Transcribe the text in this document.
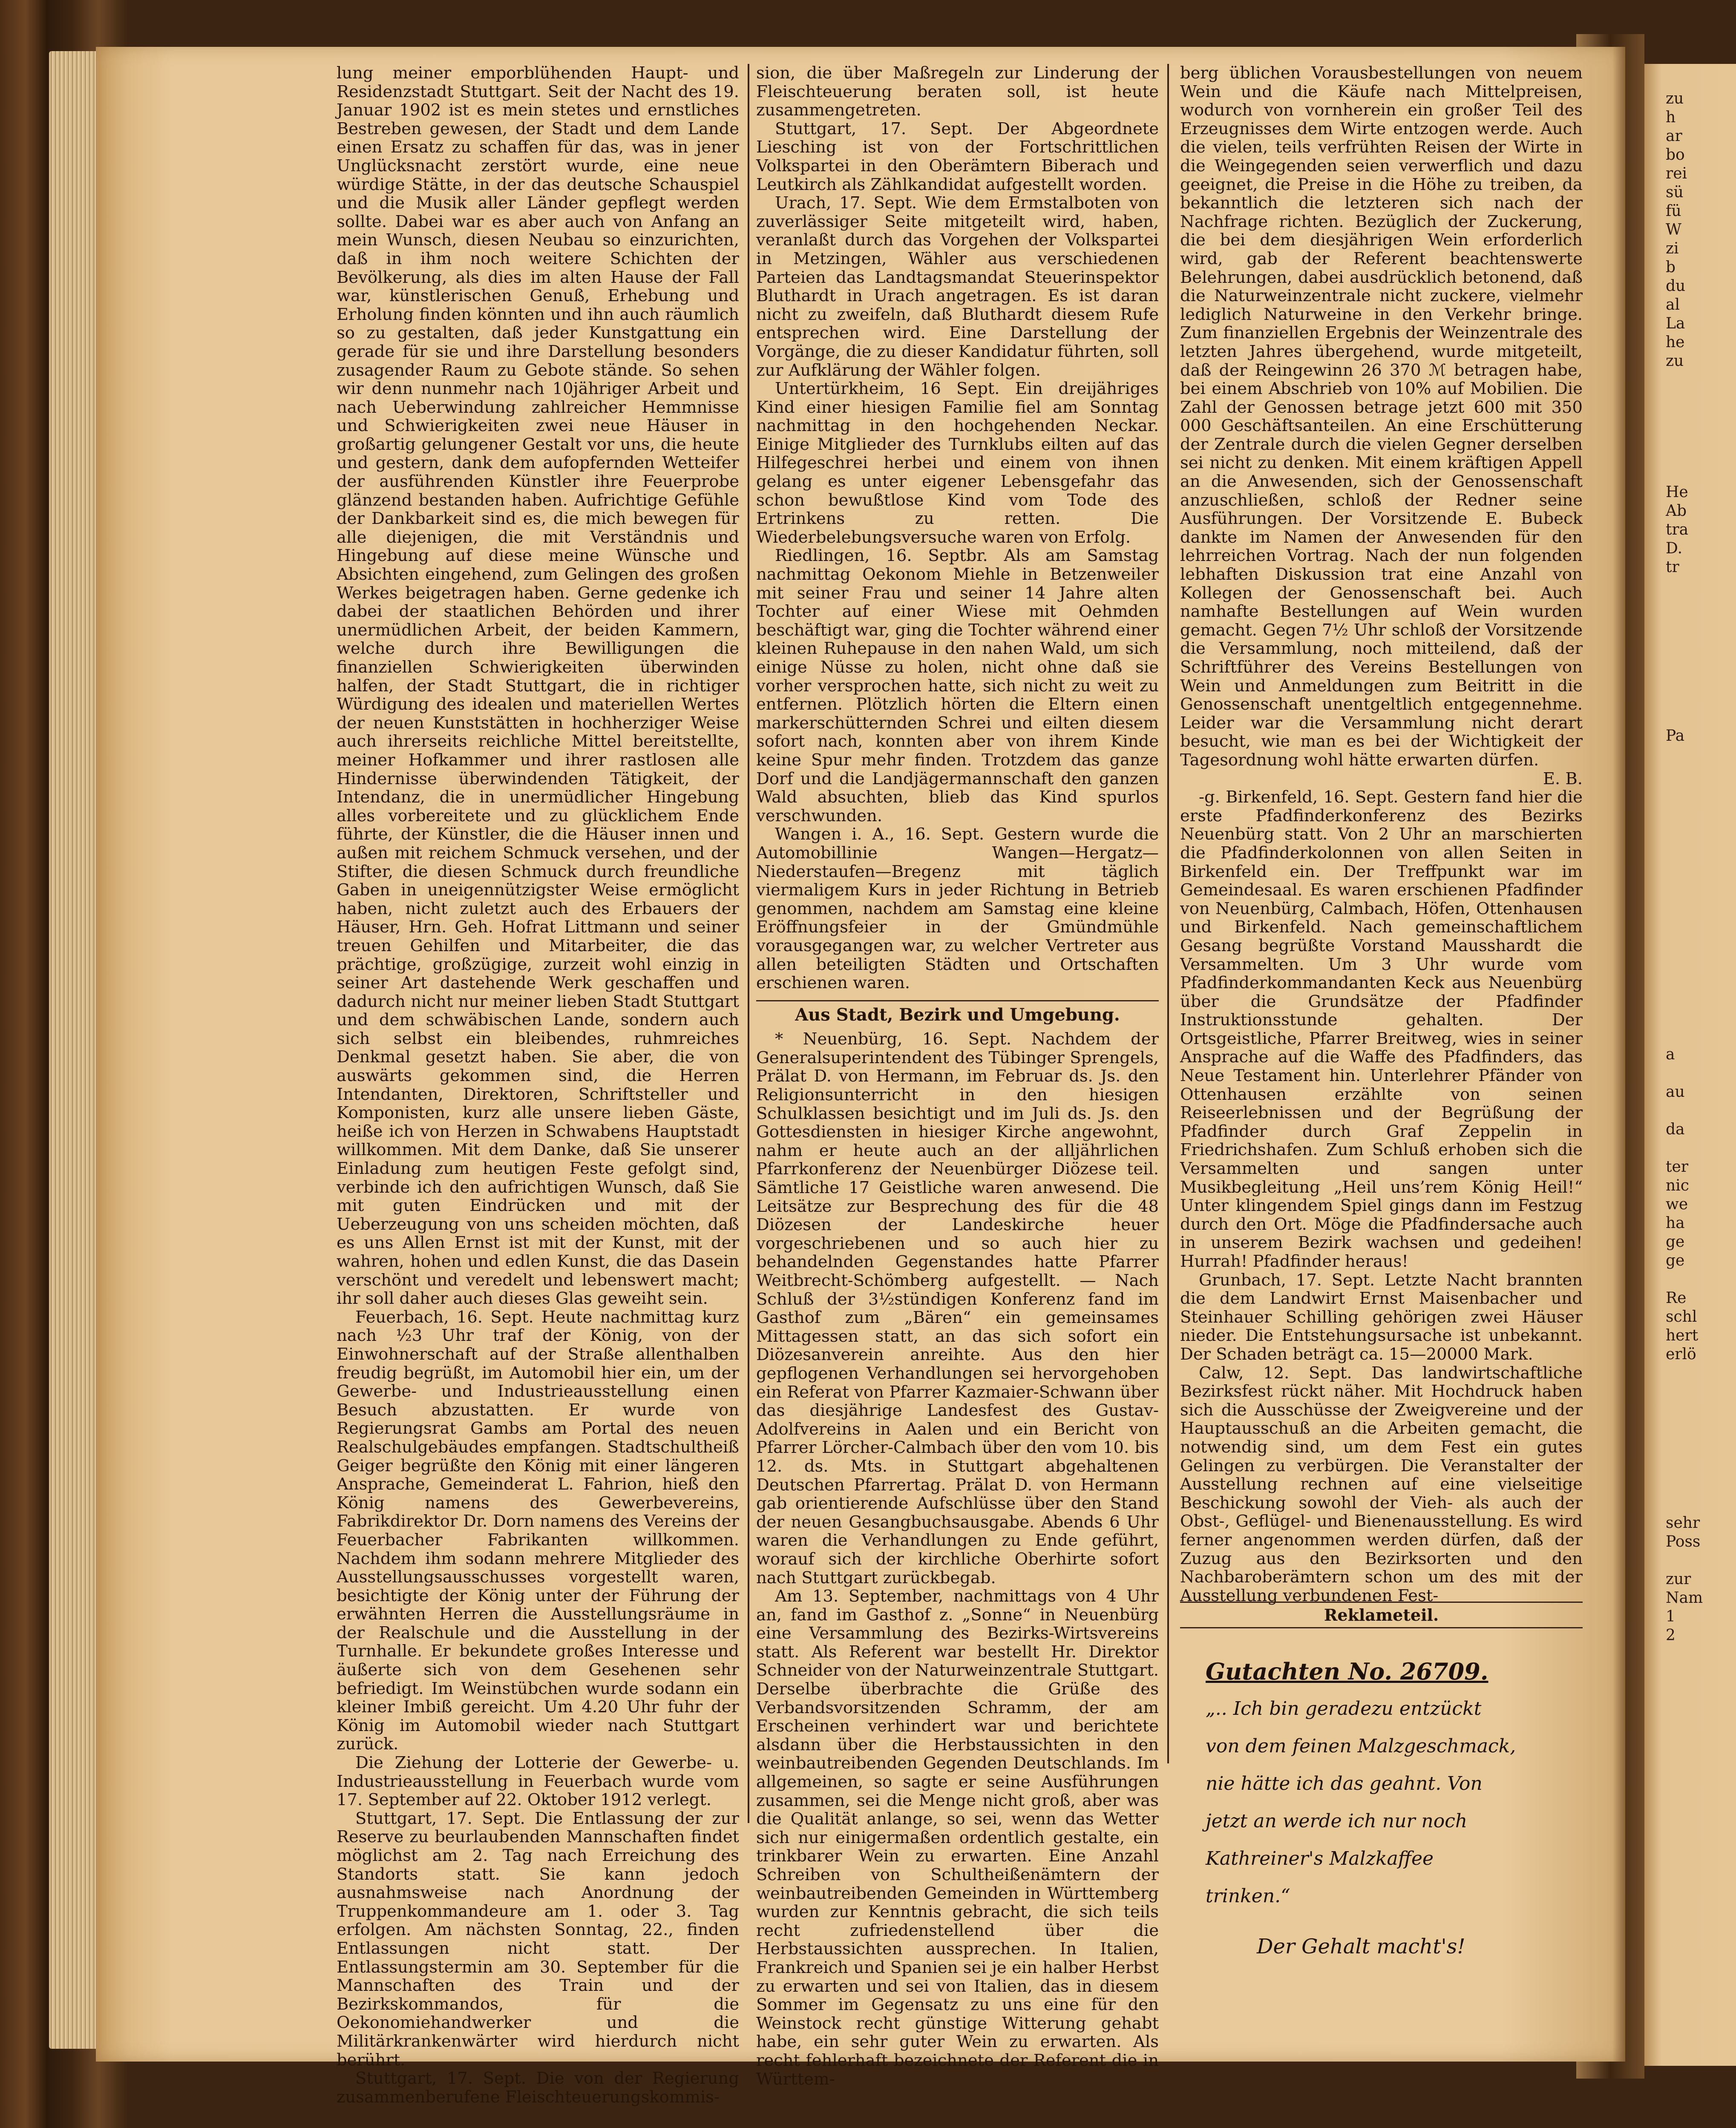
zu
h
ar
bo
rei
sü
fü
W
zi
b
du
al
La
he
zu

He
Ab
tra
D.
tr

Pa

a

au

da

ter
nic
we
ha
ge
ge

Re
schl
hert
erlö

sehr
Poss

zur
Nam
1
2

lung meiner emporblühenden Haupt- und Residenzstadt Stuttgart. Seit der Nacht des 19. Januar 1902 ist es mein stetes und ernstliches Bestreben gewesen, der Stadt und dem Lande einen Ersatz zu schaffen für das, was in jener Unglücksnacht zerstört wurde, eine neue würdige Stätte, in der das deutsche Schauspiel und die Musik aller Länder gepflegt werden sollte. Dabei war es aber auch von Anfang an mein Wunsch, diesen Neubau so einzurichten, daß in ihm noch weitere Schichten der Bevölkerung, als dies im alten Hause der Fall war, künstlerischen Genuß, Erhebung und Erholung finden könnten und ihn auch räumlich so zu gestalten, daß jeder Kunstgattung ein gerade für sie und ihre Darstellung besonders zusagender Raum zu Gebote stände. So sehen wir denn nunmehr nach 10jähriger Arbeit und nach Ueberwindung zahlreicher Hemmnisse und Schwierigkeiten zwei neue Häuser in großartig gelungener Gestalt vor uns, die heute und gestern, dank dem aufopfernden Wetteifer der ausführenden Künstler ihre Feuerprobe glänzend bestanden haben. Aufrichtige Gefühle der Dankbarkeit sind es, die mich bewegen für alle diejenigen, die mit Verständnis und Hingebung auf diese meine Wünsche und Absichten eingehend, zum Gelingen des großen Werkes beigetragen haben. Gerne gedenke ich dabei der staatlichen Behörden und ihrer unermüdlichen Arbeit, der beiden Kammern, welche durch ihre Bewilligungen die finanziellen Schwierigkeiten überwinden halfen, der Stadt Stuttgart, die in richtiger Würdigung des idealen und materiellen Wertes der neuen Kunststätten in hochherziger Weise auch ihrerseits reichliche Mittel bereitstellte, meiner Hofkammer und ihrer rastlosen alle Hindernisse überwindenden Tätigkeit, der Intendanz, die in unermüdlicher Hingebung alles vorbereitete und zu glücklichem Ende führte, der Künstler, die die Häuser innen und außen mit reichem Schmuck versehen, und der Stifter, die diesen Schmuck durch freundliche Gaben in uneigennützigster Weise ermöglicht haben, nicht zuletzt auch des Erbauers der Häuser, Hrn. Geh. Hofrat Littmann und seiner treuen Gehilfen und Mitarbeiter, die das prächtige, großzügige, zurzeit wohl einzig in seiner Art dastehende Werk geschaffen und dadurch nicht nur meiner lieben Stadt Stuttgart und dem schwäbischen Lande, sondern auch sich selbst ein bleibendes, ruhmreiches Denkmal gesetzt haben. Sie aber, die von auswärts gekommen sind, die Herren Intendanten, Direktoren, Schriftsteller und Komponisten, kurz alle unsere lieben Gäste, heiße ich von Herzen in Schwabens Hauptstadt willkommen. Mit dem Danke, daß Sie unserer Einladung zum heutigen Feste gefolgt sind, verbinde ich den aufrichtigen Wunsch, daß Sie mit guten Eindrücken und mit der Ueberzeugung von uns scheiden möchten, daß es uns Allen Ernst ist mit der Kunst, mit der wahren, hohen und edlen Kunst, die das Dasein verschönt und veredelt und lebenswert macht; ihr soll daher auch dieses Glas geweiht sein.

Feuerbach, 16. Sept. Heute nachmittag kurz nach ½3 Uhr traf der König, von der Einwohnerschaft auf der Straße allenthalben freudig begrüßt, im Automobil hier ein, um der Gewerbe- und Industrieausstellung einen Besuch abzustatten. Er wurde von Regierungsrat Gambs am Portal des neuen Realschulgebäudes empfangen. Stadtschultheiß Geiger begrüßte den König mit einer längeren Ansprache, Gemeinderat L. Fahrion, hieß den König namens des Gewerbevereins, Fabrikdirektor Dr. Dorn namens des Vereins der Feuerbacher Fabrikanten willkommen. Nachdem ihm sodann mehrere Mitglieder des Ausstellungsausschusses vorgestellt waren, besichtigte der König unter der Führung der erwähnten Herren die Ausstellungsräume in der Realschule und die Ausstellung in der Turnhalle. Er bekundete großes Interesse und äußerte sich von dem Gesehenen sehr befriedigt. Im Weinstübchen wurde sodann ein kleiner Imbiß gereicht. Um 4.20 Uhr fuhr der König im Automobil wieder nach Stuttgart zurück.

Die Ziehung der Lotterie der Gewerbe- u. Industrieausstellung in Feuerbach wurde vom 17. September auf 22. Oktober 1912 verlegt.

Stuttgart, 17. Sept. Die Entlassung der zur Reserve zu beurlaubenden Mannschaften findet möglichst am 2. Tag nach Erreichung des Standorts statt. Sie kann jedoch ausnahmsweise nach Anordnung der Truppenkommandeure am 1. oder 3. Tag erfolgen. Am nächsten Sonntag, 22., finden Entlassungen nicht statt. Der Entlassungstermin am 30. September für die Mannschaften des Train und der Bezirkskommandos, für die Oekonomiehandwerker und die Militärkrankenwärter wird hierdurch nicht berührt.

Stuttgart, 17. Sept. Die von der Regierung zusammenberufene Fleischteuerungskommis-

sion, die über Maßregeln zur Linderung der Fleischteuerung beraten soll, ist heute zusammengetreten.

Stuttgart, 17. Sept. Der Abgeordnete Liesching ist von der Fortschrittlichen Volkspartei in den Oberämtern Biberach und Leutkirch als Zählkandidat aufgestellt worden.

Urach, 17. Sept. Wie dem Ermstalboten von zuverlässiger Seite mitgeteilt wird, haben, veranlaßt durch das Vorgehen der Volkspartei in Metzingen, Wähler aus verschiedenen Parteien das Landtagsmandat Steuerinspektor Bluthardt in Urach angetragen. Es ist daran nicht zu zweifeln, daß Bluthardt diesem Rufe entsprechen wird. Eine Darstellung der Vorgänge, die zu dieser Kandidatur führten, soll zur Aufklärung der Wähler folgen.

Untertürkheim, 16 Sept. Ein dreijähriges Kind einer hiesigen Familie fiel am Sonntag nachmittag in den hochgehenden Neckar. Einige Mitglieder des Turnklubs eilten auf das Hilfegeschrei herbei und einem von ihnen gelang es unter eigener Lebensgefahr das schon bewußtlose Kind vom Tode des Ertrinkens zu retten. Die Wiederbelebungsversuche waren von Erfolg.

Riedlingen, 16. Septbr. Als am Samstag nachmittag Oekonom Miehle in Betzenweiler mit seiner Frau und seiner 14 Jahre alten Tochter auf einer Wiese mit Oehmden beschäftigt war, ging die Tochter während einer kleinen Ruhepause in den nahen Wald, um sich einige Nüsse zu holen, nicht ohne daß sie vorher versprochen hatte, sich nicht zu weit zu entfernen. Plötzlich hörten die Eltern einen markerschütternden Schrei und eilten diesem sofort nach, konnten aber von ihrem Kinde keine Spur mehr finden. Trotzdem das ganze Dorf und die Landjägermannschaft den ganzen Wald absuchten, blieb das Kind spurlos verschwunden.

Wangen i. A., 16. Sept. Gestern wurde die Automobillinie Wangen—Hergatz—Niederstaufen—Bregenz mit täglich viermaligem Kurs in jeder Richtung in Betrieb genommen, nachdem am Samstag eine kleine Eröffnungsfeier in der Gmündmühle vorausgegangen war, zu welcher Vertreter aus allen beteiligten Städten und Ortschaften erschienen waren.

Aus Stadt, Bezirk und Umgebung.

* Neuenbürg, 16. Sept. Nachdem der Generalsuperintendent des Tübinger Sprengels, Prälat D. von Hermann, im Februar ds. Js. den Religionsunterricht in den hiesigen Schulklassen besichtigt und im Juli ds. Js. den Gottesdiensten in hiesiger Kirche angewohnt, nahm er heute auch an der alljährlichen Pfarrkonferenz der Neuenbürger Diözese teil. Sämtliche 17 Geistliche waren anwesend. Die Leitsätze zur Besprechung des für die 48 Diözesen der Landeskirche heuer vorgeschriebenen und so auch hier zu behandelnden Gegenstandes hatte Pfarrer Weitbrecht-Schömberg aufgestellt. — Nach Schluß der 3½stündigen Konferenz fand im Gasthof zum „Bären“ ein gemeinsames Mittagessen statt, an das sich sofort ein Diözesanverein anreihte. Aus den hier gepflogenen Verhandlungen sei hervorgehoben ein Referat von Pfarrer Kazmaier-Schwann über das diesjährige Landesfest des Gustav-Adolfvereins in Aalen und ein Bericht von Pfarrer Lörcher-Calmbach über den vom 10. bis 12. ds. Mts. in Stuttgart abgehaltenen Deutschen Pfarrertag. Prälat D. von Hermann gab orientierende Aufschlüsse über den Stand der neuen Gesangbuchsausgabe. Abends 6 Uhr waren die Verhandlungen zu Ende geführt, worauf sich der kirchliche Oberhirte sofort nach Stuttgart zurückbegab.

Am 13. September, nachmittags von 4 Uhr an, fand im Gasthof z. „Sonne“ in Neuenbürg eine Versammlung des Bezirks-Wirtsvereins statt. Als Referent war bestellt Hr. Direktor Schneider von der Naturweinzentrale Stuttgart. Derselbe überbrachte die Grüße des Verbandsvorsitzenden Schramm, der am Erscheinen verhindert war und berichtete alsdann über die Herbstaussichten in den weinbautreibenden Gegenden Deutschlands. Im allgemeinen, so sagte er seine Ausführungen zusammen, sei die Menge nicht groß, aber was die Qualität anlange, so sei, wenn das Wetter sich nur einigermaßen ordentlich gestalte, ein trinkbarer Wein zu erwarten. Eine Anzahl Schreiben von Schultheißenämtern der weinbautreibenden Gemeinden in Württemberg wurden zur Kenntnis gebracht, die sich teils recht zufriedenstellend über die Herbstaussichten aussprechen. In Italien, Frankreich und Spanien sei je ein halber Herbst zu erwarten und sei von Italien, das in diesem Sommer im Gegensatz zu uns eine für den Weinstock recht günstige Witterung gehabt habe, ein sehr guter Wein zu erwarten. Als recht fehlerhaft bezeichnete der Referent die in Württem-

berg üblichen Vorausbestellungen von neuem Wein und die Käufe nach Mittelpreisen, wodurch von vornherein ein großer Teil des Erzeugnisses dem Wirte entzogen werde. Auch die vielen, teils verfrühten Reisen der Wirte in die Weingegenden seien verwerflich und dazu geeignet, die Preise in die Höhe zu treiben, da bekanntlich die letzteren sich nach der Nachfrage richten. Bezüglich der Zuckerung, die bei dem diesjährigen Wein erforderlich wird, gab der Referent beachtenswerte Belehrungen, dabei ausdrücklich betonend, daß die Naturweinzentrale nicht zuckere, vielmehr lediglich Naturweine in den Verkehr bringe. Zum finanziellen Ergebnis der Weinzentrale des letzten Jahres übergehend, wurde mitgeteilt, daß der Reingewinn 26 370 ℳ betragen habe, bei einem Abschrieb von 10% auf Mobilien. Die Zahl der Genossen betrage jetzt 600 mit 350 000 Geschäftsanteilen. An eine Erschütterung der Zentrale durch die vielen Gegner derselben sei nicht zu denken. Mit einem kräftigen Appell an die Anwesenden, sich der Genossenschaft anzuschließen, schloß der Redner seine Ausführungen. Der Vorsitzende E. Bubeck dankte im Namen der Anwesenden für den lehrreichen Vortrag. Nach der nun folgenden lebhaften Diskussion trat eine Anzahl von Kollegen der Genossenschaft bei. Auch namhafte Bestellungen auf Wein wurden gemacht. Gegen 7½ Uhr schloß der Vorsitzende die Versammlung, noch mitteilend, daß der Schriftführer des Vereins Bestellungen von Wein und Anmeldungen zum Beitritt in die Genossenschaft unentgeltlich entgegennehme. Leider war die Versammlung nicht derart besucht, wie man es bei der Wichtigkeit der Tagesordnung wohl hätte erwarten dürfen.

E. B.

-g. Birkenfeld, 16. Sept. Gestern fand hier die erste Pfadfinderkonferenz des Bezirks Neuenbürg statt. Von 2 Uhr an marschierten die Pfadfinderkolonnen von allen Seiten in Birkenfeld ein. Der Treffpunkt war im Gemeindesaal. Es waren erschienen Pfadfinder von Neuenbürg, Calmbach, Höfen, Ottenhausen und Birkenfeld. Nach gemeinschaftlichem Gesang begrüßte Vorstand Mausshardt die Versammelten. Um 3 Uhr wurde vom Pfadfinderkommandanten Keck aus Neuenbürg über die Grundsätze der Pfadfinder Instruktionsstunde gehalten. Der Ortsgeistliche, Pfarrer Breitweg, wies in seiner Ansprache auf die Waffe des Pfadfinders, das Neue Testament hin. Unterlehrer Pfänder von Ottenhausen erzählte von seinen Reiseerlebnissen und der Begrüßung der Pfadfinder durch Graf Zeppelin in Friedrichshafen. Zum Schluß erhoben sich die Versammelten und sangen unter Musikbegleitung „Heil uns’rem König Heil!“ Unter klingendem Spiel gings dann im Festzug durch den Ort. Möge die Pfadfindersache auch in unserem Bezirk wachsen und gedeihen! Hurrah! Pfadfinder heraus!

Grunbach, 17. Sept. Letzte Nacht brannten die dem Landwirt Ernst Maisenbacher und Steinhauer Schilling gehörigen zwei Häuser nieder. Die Entstehungsursache ist unbekannt. Der Schaden beträgt ca. 15—20000 Mark.

Calw, 12. Sept. Das landwirtschaftliche Bezirksfest rückt näher. Mit Hochdruck haben sich die Ausschüsse der Zweigvereine und der Hauptausschuß an die Arbeiten gemacht, die notwendig sind, um dem Fest ein gutes Gelingen zu verbürgen. Die Veranstalter der Ausstellung rechnen auf eine vielseitige Beschickung sowohl der Vieh- als auch der Obst-, Geflügel- und Bienenausstellung. Es wird ferner angenommen werden dürfen, daß der Zuzug aus den Bezirksorten und den Nachbaroberämtern schon um des mit der Ausstellung verbundenen Fest-

Reklameteil.
Gutachten No. 26709.
„.. Ich bin geradezu entzückt
von dem feinen Malzgeschmack,
nie hätte ich das geahnt. Von
jetzt an werde ich nur noch
Kathreiner's Malzkaffee
trinken.“
Der Gehalt macht's!
